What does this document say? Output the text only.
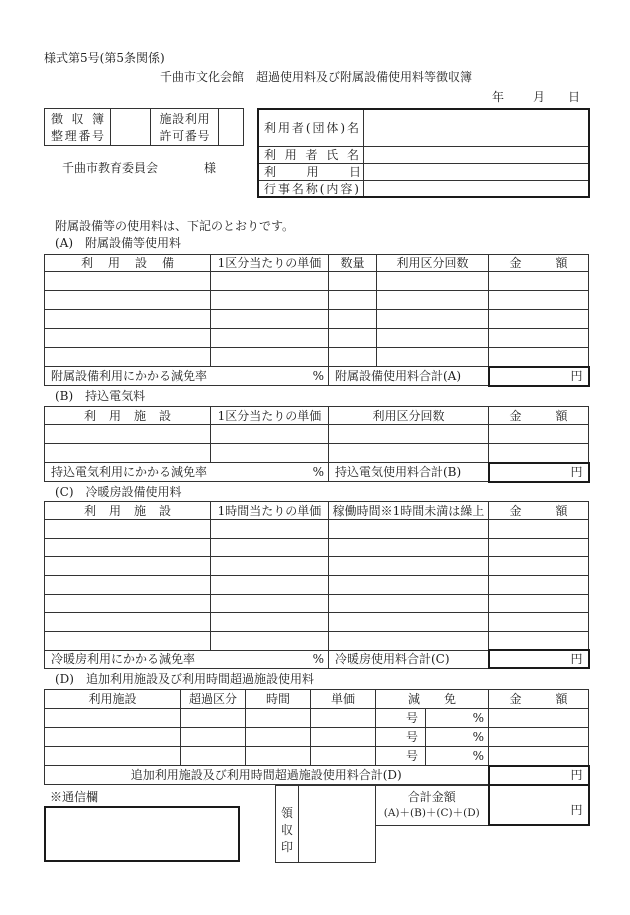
様式第5号(第5条関係)
千曲市文化会館　超過使用料及び附属設備使用料等徴収簿
年 月 日
徴収簿
整理番号

施設利用
許可番号

千曲市教育委員会	様
利用者(団体)名	
利用者氏名	
利用日	
行事名称(内容)	
附属設備等の使用料は、下記のとおりです。
(A)　附属設備等使用料
利用設備	1区分当たりの単価	数量	利用区分回数	金額

附属設備利用にかかる減免率 %		附属設備使用料合計(A)		円
(B)　持込電気料
利用施設	1区分当たりの単価	利用区分回数	金額

持込電気利用にかかる減免率 %		持込電気使用料合計(B)	円
(C)　冷暖房設備使用料
利用施設	1時間当たりの単価	稼働時間※1時間未満は繰上	金額

冷暖房利用にかかる減免率 %		冷暖房使用料合計(C)	円
(D)　追加利用施設及び利用時間超過施設使用料
利用施設	超過区分	時間	単価	減免		金額
				号	%	
				号	%	
				号	%	
追加利用施設及び利用時間超過施設使用料合計(D)						円
※通信欄
領収印		合計金額
(A)＋(B)＋(C)＋(D)	円
